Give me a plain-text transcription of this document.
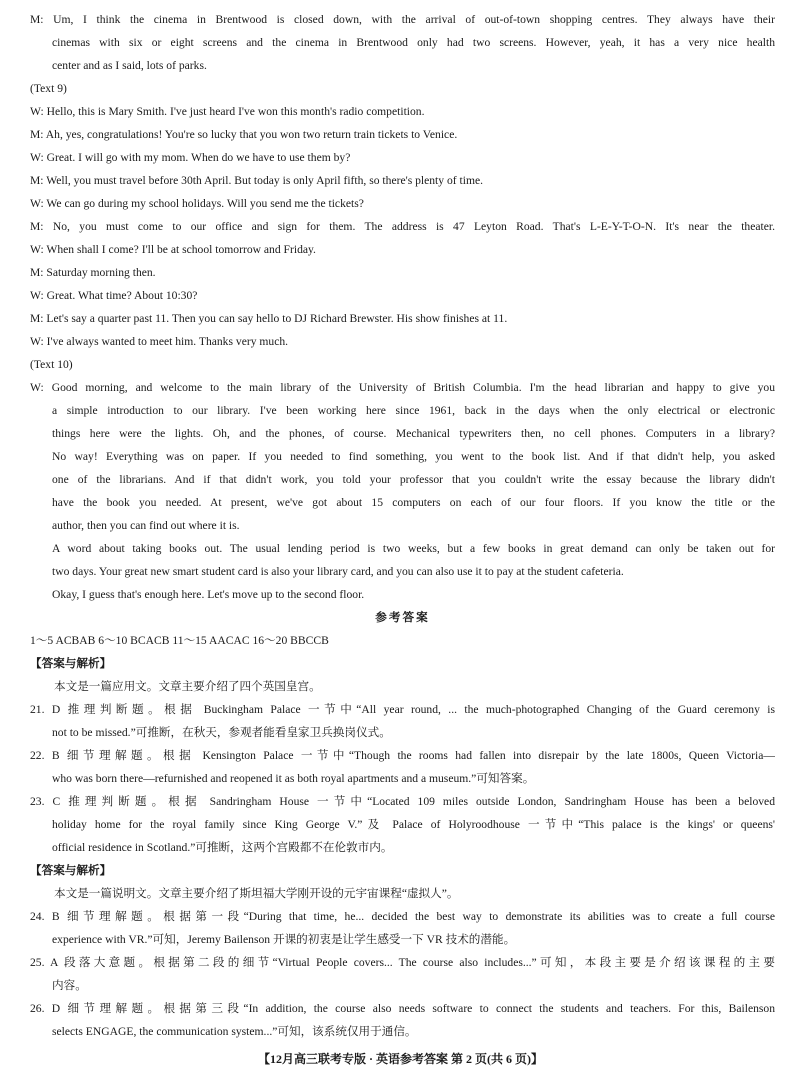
M: Um, I think the cinema in Brentwood is closed down, with the arrival of out-of-town shopping centres. They always have their
cinemas with six or eight screens and the cinema in Brentwood only had two screens. However, yeah, it has a very nice health
center and as I said, lots of parks.
(Text 9)
W: Hello, this is Mary Smith. I've just heard I've won this month's radio competition.
M: Ah, yes, congratulations! You're so lucky that you won two return train tickets to Venice.
W: Great. I will go with my mom. When do we have to use them by?
M: Well, you must travel before 30th April. But today is only April fifth, so there's plenty of time.
W: We can go during my school holidays. Will you send me the tickets?
M: No, you must come to our office and sign for them. The address is 47 Leyton Road. That's L-E-Y-T-O-N. It's near the theater.
W: When shall I come? I'll be at school tomorrow and Friday.
M: Saturday morning then.
W: Great. What time? About 10:30?
M: Let's say a quarter past 11. Then you can say hello to DJ Richard Brewster. His show finishes at 11.
W: I've always wanted to meet him. Thanks very much.
(Text 10)
W: Good morning, and welcome to the main library of the University of British Columbia. I'm the head librarian and happy to give you
a simple introduction to our library. I've been working here since 1961, back in the days when the only electrical or electronic
things here were the lights. Oh, and the phones, of course. Mechanical typewriters then, no cell phones. Computers in a library?
No way! Everything was on paper. If you needed to find something, you went to the book list. And if that didn't help, you asked
one of the librarians. And if that didn't work, you told your professor that you couldn't write the essay because the library didn't
have the book you needed. At present, we've got about 15 computers on each of our four floors. If you know the title or the
author, then you can find out where it is.
A word about taking books out. The usual lending period is two weeks, but a few books in great demand can only be taken out for
two days. Your great new smart student card is also your library card, and you can also use it to pay at the student cafeteria.
Okay, I guess that's enough here. Let's move up to the second floor.
参考答案
1～5 ACBAB 6～10 BCACB 11～15 AACAC 16～20 BBCCB
【答案与解析】
本文是一篇应用文。文章主要介绍了四个英国皇宫。
21. D 推理判断题。根据 Buckingham Palace 一节中“All year round, ... the much-photographed Changing of the Guard ceremony is
not to be missed.”可推断，在秋天，参观者能看皇家卫兵换岗仪式。
22. B 细节理解题。根据 Kensington Palace 一节中“Though the rooms had fallen into disrepair by the late 1800s, Queen Victoria—
who was born there—refurnished and reopened it as both royal apartments and a museum.”可知答案。
23. C 推理判断题。根据 Sandringham House 一节中“Located 109 miles outside London, Sandringham House has been a beloved
holiday home for the royal family since King George V.”及 Palace of Holyroodhouse 一节中“This palace is the kings' or queens'
official residence in Scotland.”可推断，这两个宫殿都不在伦敦市内。
【答案与解析】
本文是一篇说明文。文章主要介绍了斯坦福大学刚开设的元宇宙课程“虚拟人”。
24. B 细节理解题。根据第一段“During that time, he... decided the best way to demonstrate its abilities was to create a full course
experience with VR.”可知，Jeremy Bailenson 开课的初衷是让学生感受一下 VR 技术的潜能。
25. A 段落大意题。根据第二段的细节“Virtual People covers... The course also includes...”可知，本段主要是介绍该课程的主要
内容。
26. D 细节理解题。根据第三段“In addition, the course also needs software to connect the students and teachers. For this, Bailenson
selects ENGAGE, the communication system...”可知，该系统仅用于通信。
【12月高三联考专版 · 英语参考答案 第 2 页(共 6 页)】
